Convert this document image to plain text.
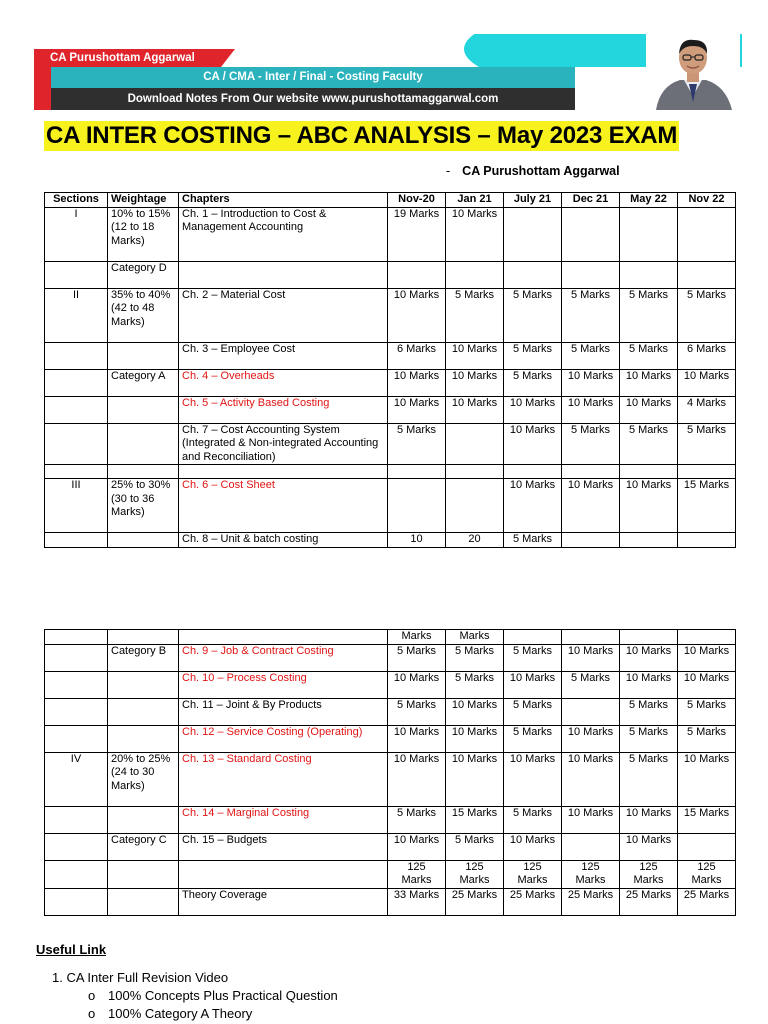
CA Purushottam Aggarwal
CA / CMA - Inter / Final - Costing Faculty
Download Notes From Our website www.purushottamaggarwal.com
CA INTER COSTING – ABC ANALYSIS – May 2023 EXAM
- CA Purushottam Aggarwal
Sections	Weightage	Chapters	Nov-20	Jan 21	July 21	Dec 21	May 22	Nov 22
I	10% to 15% (12 to 18 Marks)	Ch. 1 – Introduction to Cost & Management Accounting	19 Marks	10 Marks				
	Category D							
II	35% to 40% (42 to 48 Marks)	Ch. 2 – Material Cost	10 Marks	5 Marks	5 Marks	5 Marks	5 Marks	5 Marks
		Ch. 3 – Employee Cost	6 Marks	10 Marks	5 Marks	5 Marks	5 Marks	6 Marks
	Category A	Ch. 4 – Overheads	10 Marks	10 Marks	5 Marks	10 Marks	10 Marks	10 Marks
		Ch. 5 – Activity Based Costing	10 Marks	10 Marks	10 Marks	10 Marks	10 Marks	4 Marks
		Ch. 7 – Cost Accounting System (Integrated & Non-integrated Accounting and Reconciliation)	5 Marks		10 Marks	5 Marks	5 Marks	5 Marks

III	25% to 30% (30 to 36 Marks)	Ch. 6 – Cost Sheet			10 Marks	10 Marks	10 Marks	15 Marks
		Ch. 8 – Unit & batch costing	10	20	5 Marks			
			Marks	Marks				
	Category B	Ch. 9 – Job & Contract Costing	5 Marks	5 Marks	5 Marks	10 Marks	10 Marks	10 Marks
		Ch. 10 – Process Costing	10 Marks	5 Marks	10 Marks	5 Marks	10 Marks	10 Marks
		Ch. 11 – Joint & By Products	5 Marks	10 Marks	5 Marks		5 Marks	5 Marks
		Ch. 12 – Service Costing (Operating)	10 Marks	10 Marks	5 Marks	10 Marks	5 Marks	5 Marks
IV	20% to 25% (24 to 30 Marks)	Ch. 13 – Standard Costing	10 Marks	10 Marks	10 Marks	10 Marks	5 Marks	10 Marks
		Ch. 14 – Marginal Costing	5 Marks	15 Marks	5 Marks	10 Marks	10 Marks	15 Marks
	Category C	Ch. 15 – Budgets	10 Marks	5 Marks	10 Marks		10 Marks	
			125 Marks	125 Marks	125 Marks	125 Marks	125 Marks	125 Marks
		Theory Coverage	33 Marks	25 Marks	25 Marks	25 Marks	25 Marks	25 Marks
Useful Link
1. CA Inter Full Revision Video
o 100% Concepts Plus Practical Question
o 100% Category A Theory
